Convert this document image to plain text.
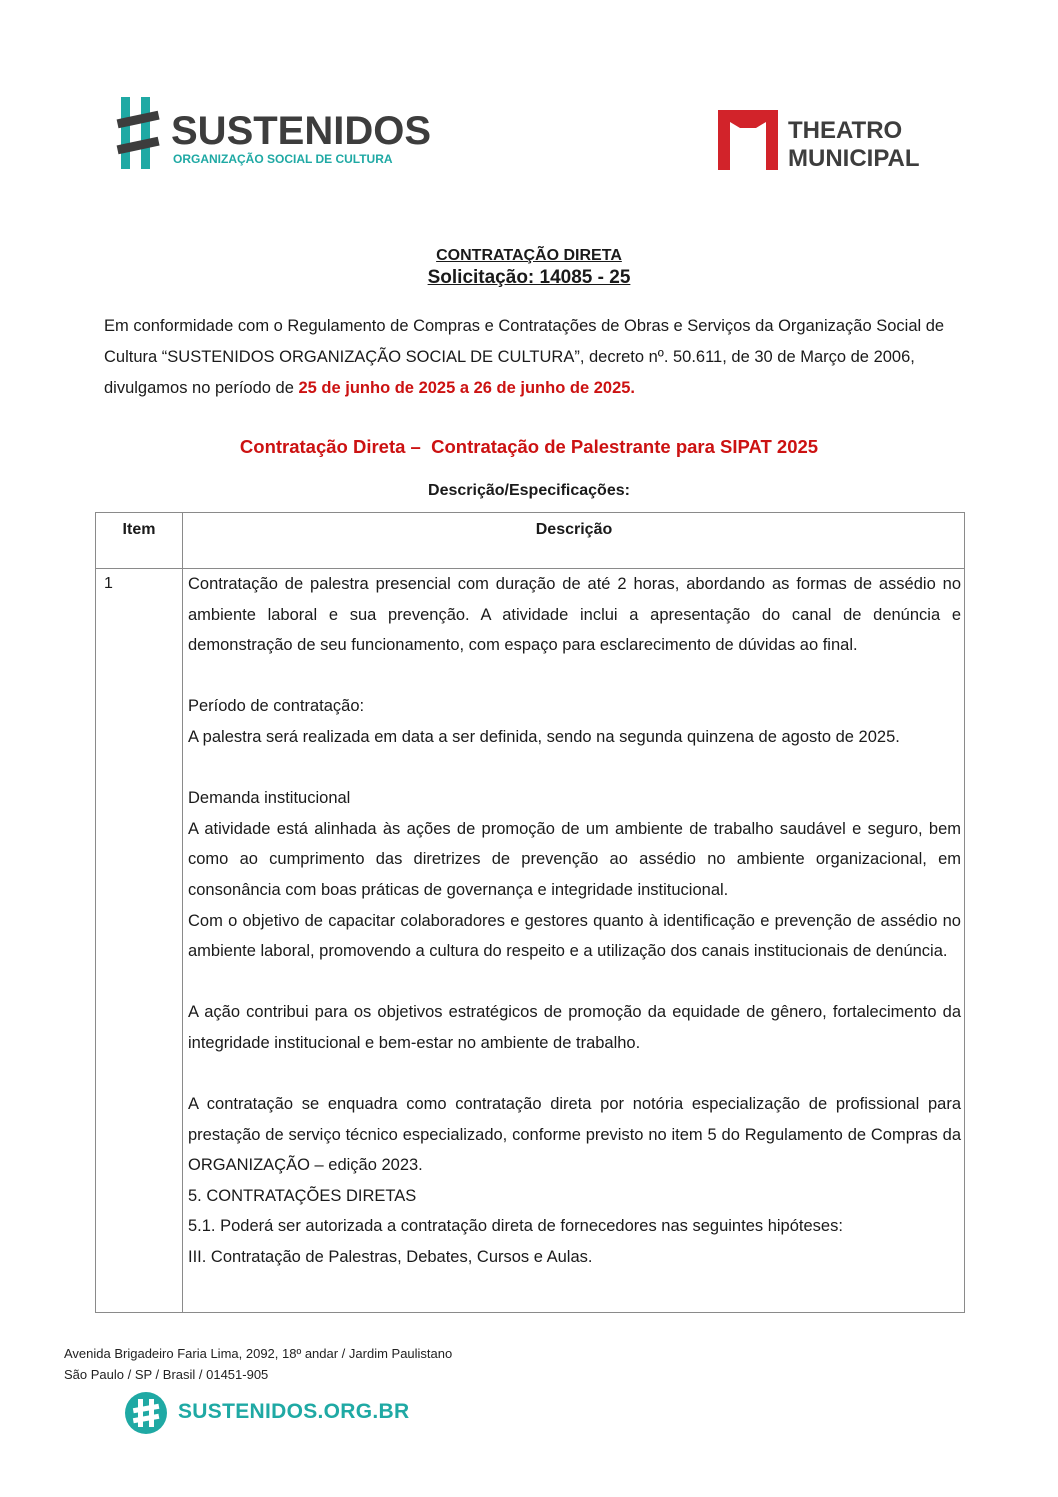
SUSTENIDOS
ORGANIZAÇÃO SOCIAL DE CULTURA
THEATRO
MUNICIPAL
CONTRATAÇÃO DIRETA
Solicitação: 14085 - 25
Em conformidade com o Regulamento de Compras e Contratações de Obras e Serviços da Organização Social de Cultura “SUSTENIDOS ORGANIZAÇÃO SOCIAL DE CULTURA”, decreto nº. 50.611, de 30 de Março de 2006, divulgamos no período de 25 de junho de 2025 a 26 de junho de 2025.
Contratação Direta –  Contratação de Palestrante para SIPAT 2025
Descrição/Especificações:
Item	Descrição
1	Contratação de palestra presencial com duração de até 2 horas, abordando as formas de assédio no ambiente laboral e sua prevenção. A atividade inclui a apresentação do canal de denúncia e demonstração de seu funcionamento, com espaço para esclarecimento de dúvidas ao final.

Período de contratação:

A palestra será realizada em data a ser definida, sendo na segunda quinzena de agosto de 2025.

Demanda institucional

A atividade está alinhada às ações de promoção de um ambiente de trabalho saudável e seguro, bem como ao cumprimento das diretrizes de prevenção ao assédio no ambiente organizacional, em consonância com boas práticas de governança e integridade institucional.

Com o objetivo de capacitar colaboradores e gestores quanto à identificação e prevenção de assédio no ambiente laboral, promovendo a cultura do respeito e a utilização dos canais institucionais de denúncia.

A ação contribui para os objetivos estratégicos de promoção da equidade de gênero, fortalecimento da integridade institucional e bem-estar no ambiente de trabalho.

A contratação se enquadra como contratação direta por notória especialização de profissional para prestação de serviço técnico especializado, conforme previsto no item 5 do Regulamento de Compras da ORGANIZAÇÃO – edição 2023.

5. CONTRATAÇÕES DIRETAS

5.1. Poderá ser autorizada a contratação direta de fornecedores nas seguintes hipóteses:

III. Contratação de Palestras, Debates, Cursos e Aulas.

Avenida Brigadeiro Faria Lima, 2092, 18º andar / Jardim Paulistano
São Paulo / SP / Brasil / 01451-905
SUSTENIDOS.ORG.BR
